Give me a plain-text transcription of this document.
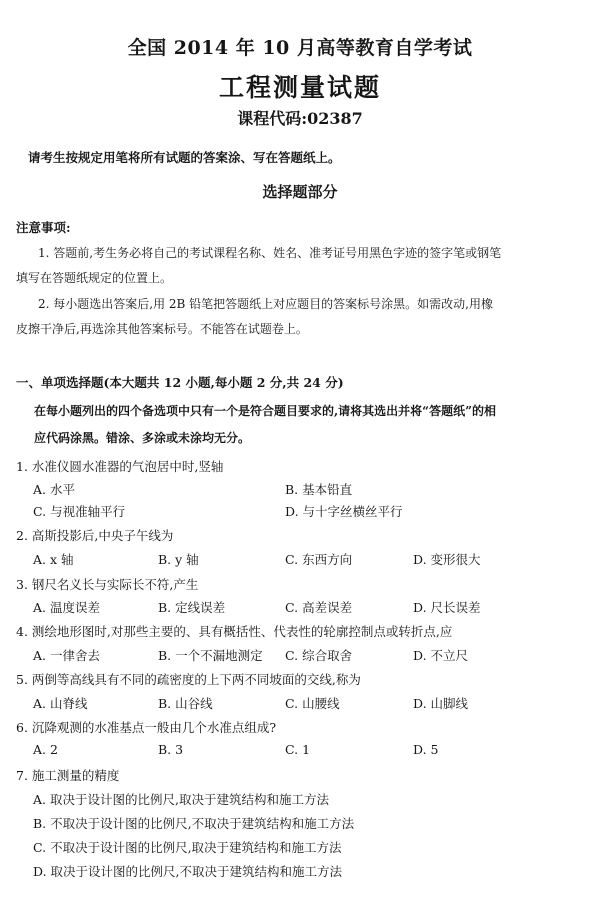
全国 2014 年 10 月高等教育自学考试
工程测量试题
课程代码:02387
请考生按规定用笔将所有试题的答案涂、写在答题纸上。
选择题部分
注意事项:
1. 答题前,考生务必将自己的考试课程名称、姓名、准考证号用黑色字迹的签字笔或钢笔
填写在答题纸规定的位置上。
2. 每小题选出答案后,用 2B 铅笔把答题纸上对应题目的答案标号涂黑。如需改动,用橡
皮擦干净后,再选涂其他答案标号。不能答在试题卷上。
一、单项选择题(本大题共 12 小题,每小题 2 分,共 24 分)
在每小题列出的四个备选项中只有一个是符合题目要求的,请将其选出并将“答题纸”的相
应代码涂黑。错涂、多涂或未涂均无分。
1. 水准仪圆水准器的气泡居中时,竖轴
A. 水平	B. 基本铅直
C. 与视准轴平行	D. 与十字丝横丝平行
2. 高斯投影后,中央子午线为
A. x 轴	B. y 轴	C. 东西方向	D. 变形很大
3. 钢尺名义长与实际长不符,产生
A. 温度误差	B. 定线误差	C. 高差误差	D. 尺长误差
4. 测绘地形图时,对那些主要的、具有概括性、代表性的轮廓控制点或转折点,应
A. 一律舍去	B. 一个不漏地测定 C. 综合取舍	D. 不立尺
5. 两倒等高线具有不同的疏密度的上下两不同坡面的交线,称为
A. 山脊线	B. 山谷线	C. 山腰线	D. 山脚线
6. 沉降观测的水准基点一般由几个水准点组成?
A. 2	B. 3	C. 1	D. 5
7. 施工测量的精度
A. 取决于设计图的比例尺,取决于建筑结构和施工方法
B. 不取决于设计图的比例尺,不取决于建筑结构和施工方法
C. 不取决于设计图的比例尺,取决于建筑结构和施工方法
D. 取决于设计图的比例尺,不取决于建筑结构和施工方法
